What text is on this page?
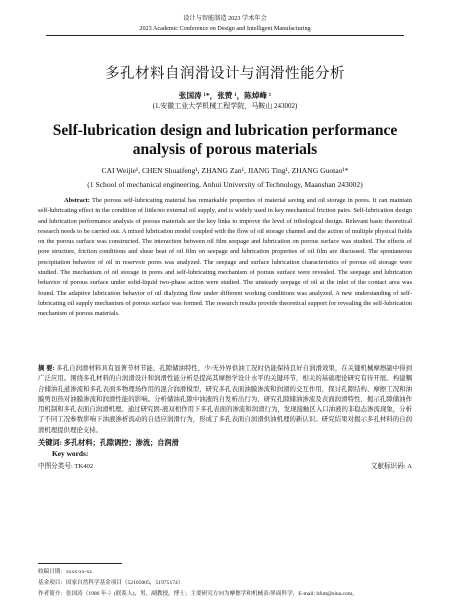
设计与智能制造 2023 学术年会
2023 Academic Conference on Design and Intelligent Manufacturing
多孔材料自润滑设计与润滑性能分析
张国涛 ¹*，张赞 ¹，陈焯峰 ¹
(1.安徽工业大学机械工程学院，马鞍山 243002)
Self-lubrication design and lubrication performance analysis of porous materials
CAI Weijie¹, CHEN Shuaifeng¹, ZHANG Zan¹, JIANG Ting¹, ZHANG Guotao¹*
(1 School of mechanical engineering, Anhui University of Technology, Maanshan 243002)
Abstract: The porous self-lubricating material has remarkable properties of material saving and oil storage in pores. It can maintain self-lubricating effect in the condition of little/no external oil supply, and is widely used in key mechanical friction pairs. Self-lubrication design and lubrication performance analysis of porous materials are the key links to improve the level of tribological design. Relevant basic theoretical research needs to be carried out. A mixed lubrication model coupled with the flow of oil storage channel and the action of multiple physical fields on the porous surface was constructed. The interaction between oil film seepage and lubrication on porous surface was studied. The effects of pore structure, friction conditions and shear heat of oil film on seepage and lubrication properties of oil film are discussed. The spontaneous precipitation behavior of oil in reservoir pores was analyzed. The seepage and surface lubrication characteristics of porous oil storage were studied. The mechanism of oil storage in pores and self-lubricating mechanism of porous surface were revealed. The seepage and lubrication behavior of porous surface under solid-liquid two-phase action were studied. The unsteady seepage of oil at the inlet of the contact area was found. The adaptive lubrication behavior of oil dialyzing flow under different working conditions was analyzed. A new understanding of self-lubricating oil supply mechanism of porous surface was formed. The research results provide theoretical support for revealing the self-lubrication mechanism of porous materials.
摘 要: 多孔自润滑材料具有显著节材节能、孔隙储油特性，少/无外界供油工况时仍能保持良好自润滑效果，在关键机械摩擦副中得到广泛应用。围绕多孔材料的自润滑设计和润滑性能分析是提高其摩擦学设计水平的关键环节，相关的基础理论研究有待开展。构建耦合储油孔道渗流和多孔表面多物理场作用的混合润滑模型，研究多孔表面油膜渗流和润滑的交互作用，探讨孔隙结构、摩擦工况和油膜剪切热对油膜渗流和润滑性能的影响。分析储油孔隙中油液的自发析出行为，研究孔隙储油渗流及表面润滑特性，揭示孔隙储油作用机制和多孔表面自润滑机理。通过研究固-液双相作用下多孔表面的渗流和润滑行为，发现接触区入口油液的非稳态渗流现象，分析了不同工况参数影响下油液渗析流动的自适应润滑行为，形成了多孔表面自润滑供油机理的新认识。研究结果对揭示多孔材料的自润滑机理提供理论支持。
关键词: 多孔材料；孔隙调控；渗流；自润滑
Key words:
中图分类号: TK402	文献标识码: A
收稿日期：xxxx-xx-xx
基金项目：国家自然科学基金项目（52105005，51975174）
作者简介：张国涛（1986 年-）(联系人)，男，副教授，博士；主要研究方向为摩擦学和机械表/界面科学，E-mail: hfutt@sina.com。
